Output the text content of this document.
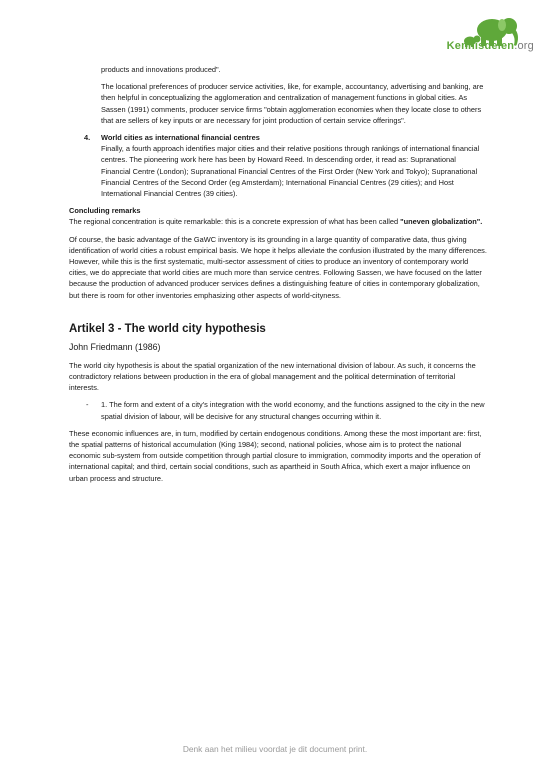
Kennisdelen.org

products and innovations produced".

The locational preferences of producer service activities, like, for example, accountancy, advertising and banking, are then helpful in conceptualizing the agglomeration and centralization of management functions in global cities. As Sassen (1991) comments, producer service firms "obtain agglomeration economies when they locate close to others that are sellers of key inputs or are necessary for joint production of certain service offerings".

4. World cities as international financial centres
Finally, a fourth approach identifies major cities and their relative positions through rankings of international financial centres. The pioneering work here has been by Howard Reed. In descending order, it read as: Supranational Financial Centre (London); Supranational Financial Centres of the First Order (New York and Tokyo); Supranational Financial Centres of the Second Order (eg Amsterdam); International Financial Centres (29 cities); and Host International Financial Centres (39 cities).
Concluding remarks

The regional concentration is quite remarkable: this is a concrete expression of what has been called "uneven globalization".

Of course, the basic advantage of the GaWC inventory is its grounding in a large quantity of comparative data, thus giving identification of world cities a robust empirical basis. We hope it helps alleviate the confusion illustrated by the many differences. However, while this is the first systematic, multi-sector assessment of cities to produce an inventory of contemporary world cities, we do appreciate that world cities are much more than service centres. Following Sassen, we have focused on the latter because the production of advanced producer services defines a distinguishing feature of cities in contemporary globalization, but there is room for other inventories emphasizing other aspects of world-cityness.

Artikel 3 - The world city hypothesis
John Friedmann (1986)

The world city hypothesis is about the spatial organization of the new international division of labour. As such, it concerns the contradictory relations between production in the era of global management and the political determination of territorial interests.

- 1. The form and extent of a city's integration with the world economy, and the functions assigned to the city in the new spatial division of labour, will be decisive for any structural changes occurring within it.

These economic influences are, in turn, modified by certain endogenous conditions. Among these the most important are: first, the spatial patterns of historical accumulation (King 1984); second, national policies, whose aim is to protect the national economic sub-system from outside competition through partial closure to immigration, commodity imports and the operation of international capital; and third, certain social conditions, such as apartheid in South Africa, which exert a major influence on urban process and structure.

Denk aan het milieu voordat je dit document print.
